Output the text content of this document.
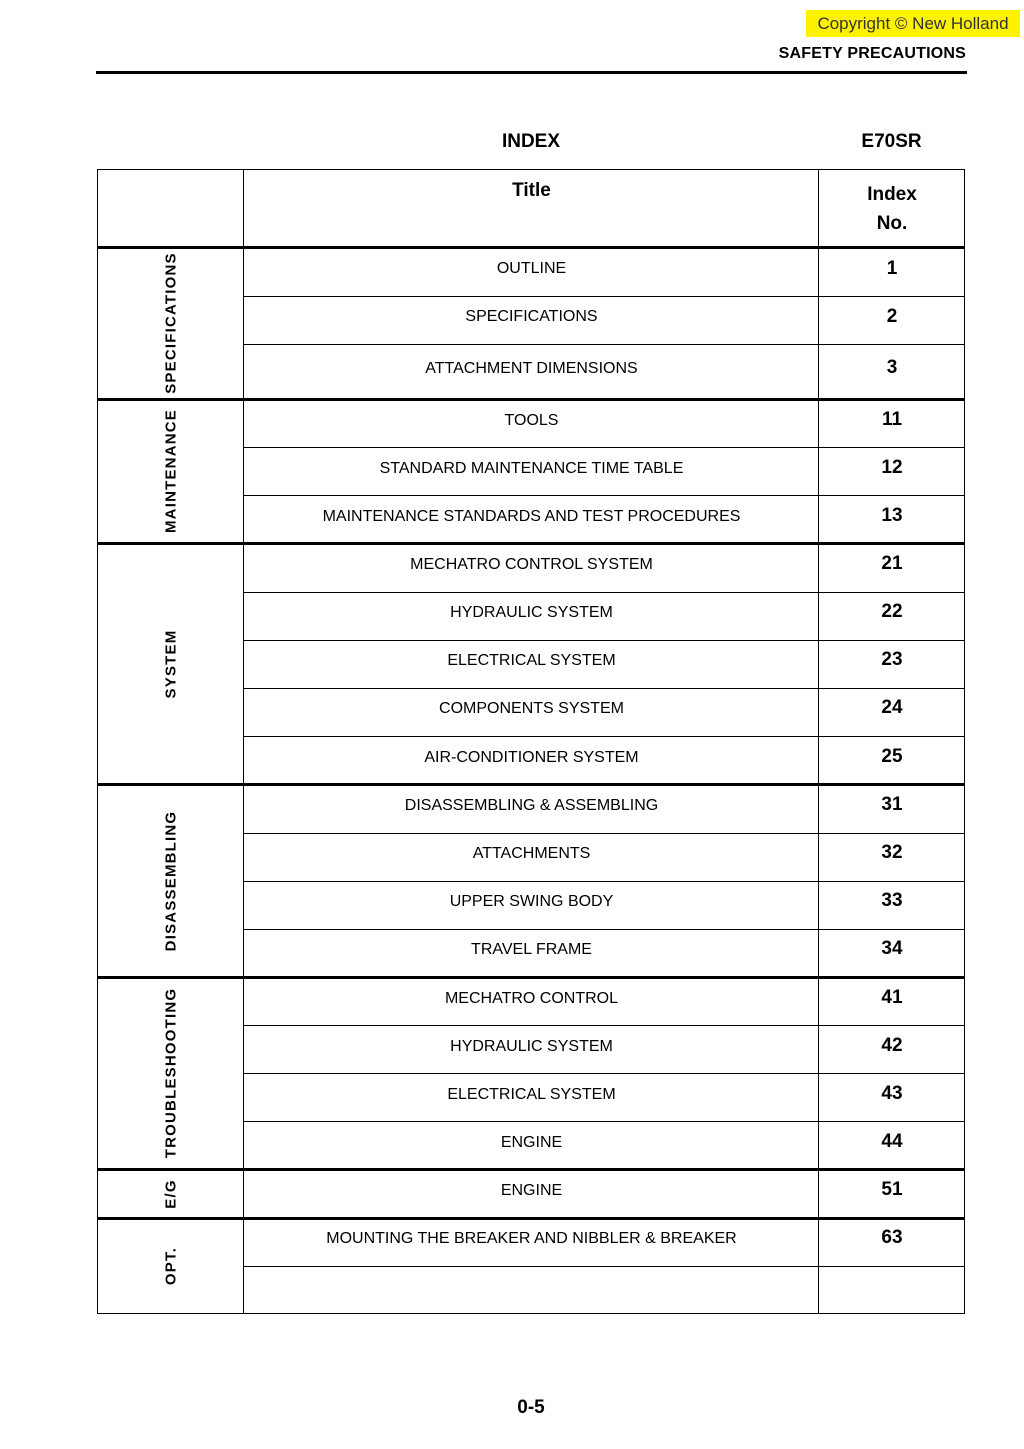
Copyright © New Holland
SAFETY PRECAUTIONS
INDEX	E70SR
Title	Index
No.
SPECIFICATIONS
MAINTENANCE
SYSTEM
DISASSEMBLING
TROUBLESHOOTING
E/G
OPT.
OUTLINE
SPECIFICATIONS
ATTACHMENT DIMENSIONS
TOOLS
STANDARD MAINTENANCE TIME TABLE
MAINTENANCE STANDARDS AND TEST PROCEDURES
MECHATRO CONTROL SYSTEM
HYDRAULIC SYSTEM
ELECTRICAL SYSTEM
COMPONENTS SYSTEM
AIR-CONDITIONER SYSTEM
DISASSEMBLING & ASSEMBLING
ATTACHMENTS
UPPER SWING BODY
TRAVEL FRAME
MECHATRO CONTROL
HYDRAULIC SYSTEM
ELECTRICAL SYSTEM
ENGINE
ENGINE
MOUNTING THE BREAKER AND NIBBLER & BREAKER
1
2
3
11
12
13
21
22
23
24
25
31
32
33
34
41
42
43
44
51
63
0-5
